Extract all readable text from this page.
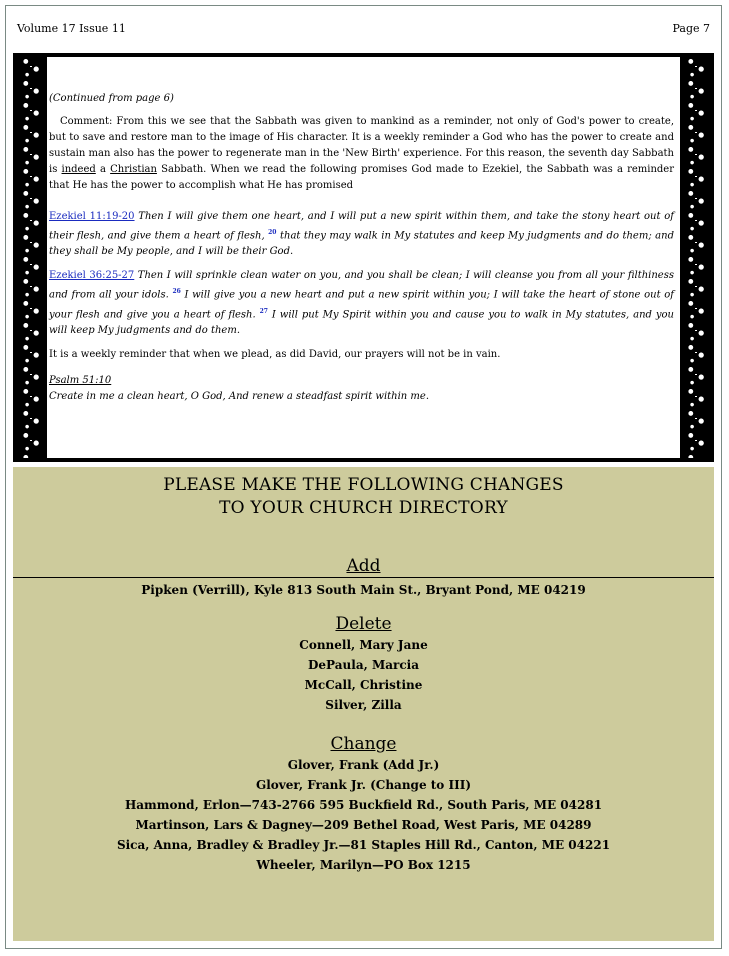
Volume 17 Issue 11	Page 7

(Continued from page 6)

Comment: From this we see that the Sabbath was given to mankind as a reminder, not only of God's power to create, but to save and restore man to the image of His character. It is a weekly reminder a God who has the power to create and sustain man also has the power to regenerate man in the 'New Birth' experience. For this reason, the seventh day Sabbath is indeed a Christian Sabbath. When we read the following promises God made to Ezekiel, the Sabbath was a reminder that He has the power to accomplish what He has promised

Ezekiel 11:19-20 Then I will give them one heart, and I will put a new spirit within them, and take the stony heart out of their flesh, and give them a heart of flesh, $^{20}$ that they may walk in My statutes and keep My judgments and do them; and they shall be My people, and I will be their God.

Ezekiel 36:25-27 Then I will sprinkle clean water on you, and you shall be clean; I will cleanse you from all your filthiness and from all your idols. $^{26}$ I will give you a new heart and put a new spirit within you; I will take the heart of stone out of your flesh and give you a heart of flesh. $^{27}$ I will put My Spirit within you and cause you to walk in My statutes, and you will keep My judgments and do them.

It is a weekly reminder that when we plead, as did David, our prayers will not be in vain.

Psalm 51:10

Create in me a clean heart, O God, And renew a steadfast spirit within me.

PLEASE MAKE THE FOLLOWING CHANGES
TO YOUR CHURCH DIRECTORY
Add
Pipken (Verrill), Kyle 813 South Main St., Bryant Pond, ME 04219
Delete
Connell, Mary Jane
DePaula, Marcia
McCall, Christine
Silver, Zilla
Change
Glover, Frank (Add Jr.)
Glover, Frank Jr. (Change to III)
Hammond, Erlon—743-2766 595 Buckfield Rd., South Paris, ME 04281
Martinson, Lars & Dagney—209 Bethel Road, West Paris, ME 04289
Sica, Anna, Bradley & Bradley Jr.—81 Staples Hill Rd., Canton, ME 04221
Wheeler, Marilyn—PO Box 1215
